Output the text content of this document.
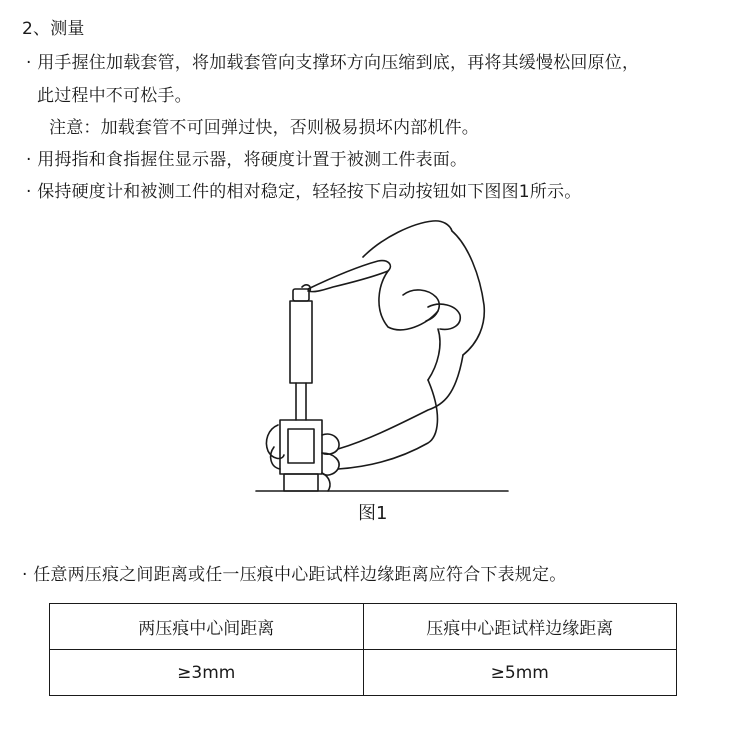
2、测量
· 用手握住加载套管，将加载套管向支撑环方向压缩到底，再将其缓慢松回原位，
此过程中不可松手。
注意：加载套管不可回弹过快，否则极易损坏内部机件。
· 用拇指和食指握住显示器，将硬度计置于被测工件表面。
· 保持硬度计和被测工件的相对稳定，轻轻按下启动按钮如下图图1所示。
图1
· 任意两压痕之间距离或任一压痕中心距试样边缘距离应符合下表规定。
两压痕中心间距离	压痕中心距试样边缘距离
≥3mm	≥5mm
